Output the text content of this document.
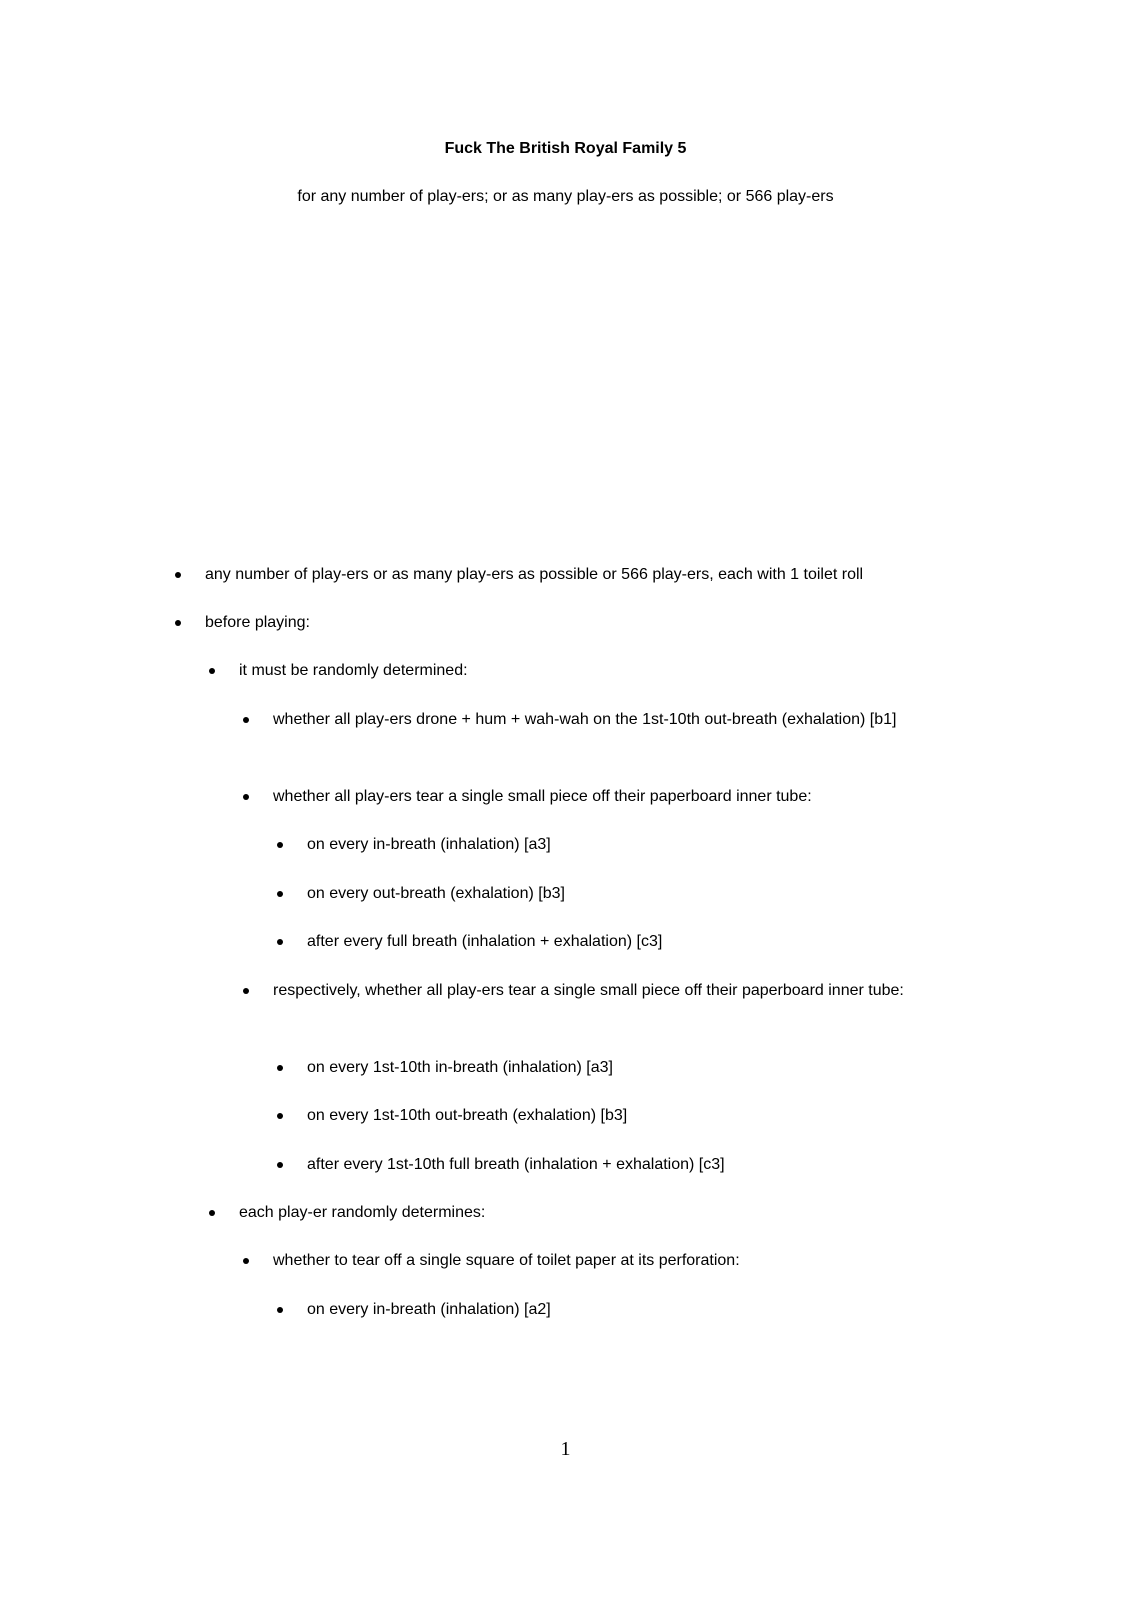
Fuck The British Royal Family 5
for any number of play-ers; or as many play-ers as possible; or 566 play-ers
any number of play-ers or as many play-ers as possible or 566 play-ers, each with 1 toilet roll
before playing:
it must be randomly determined:
whether all play-ers drone + hum + wah-wah on the 1st-10th out-breath (exhalation) [b1]
whether all play-ers tear a single small piece off their paperboard inner tube:
on every in-breath (inhalation) [a3]
on every out-breath (exhalation) [b3]
after every full breath (inhalation + exhalation) [c3]
respectively, whether all play-ers tear a single small piece off their paperboard inner tube:
on every 1st-10th in-breath (inhalation) [a3]
on every 1st-10th out-breath (exhalation) [b3]
after every 1st-10th full breath (inhalation + exhalation) [c3]
each play-er randomly determines:
whether to tear off a single square of toilet paper at its perforation:
on every in-breath (inhalation) [a2]
1
